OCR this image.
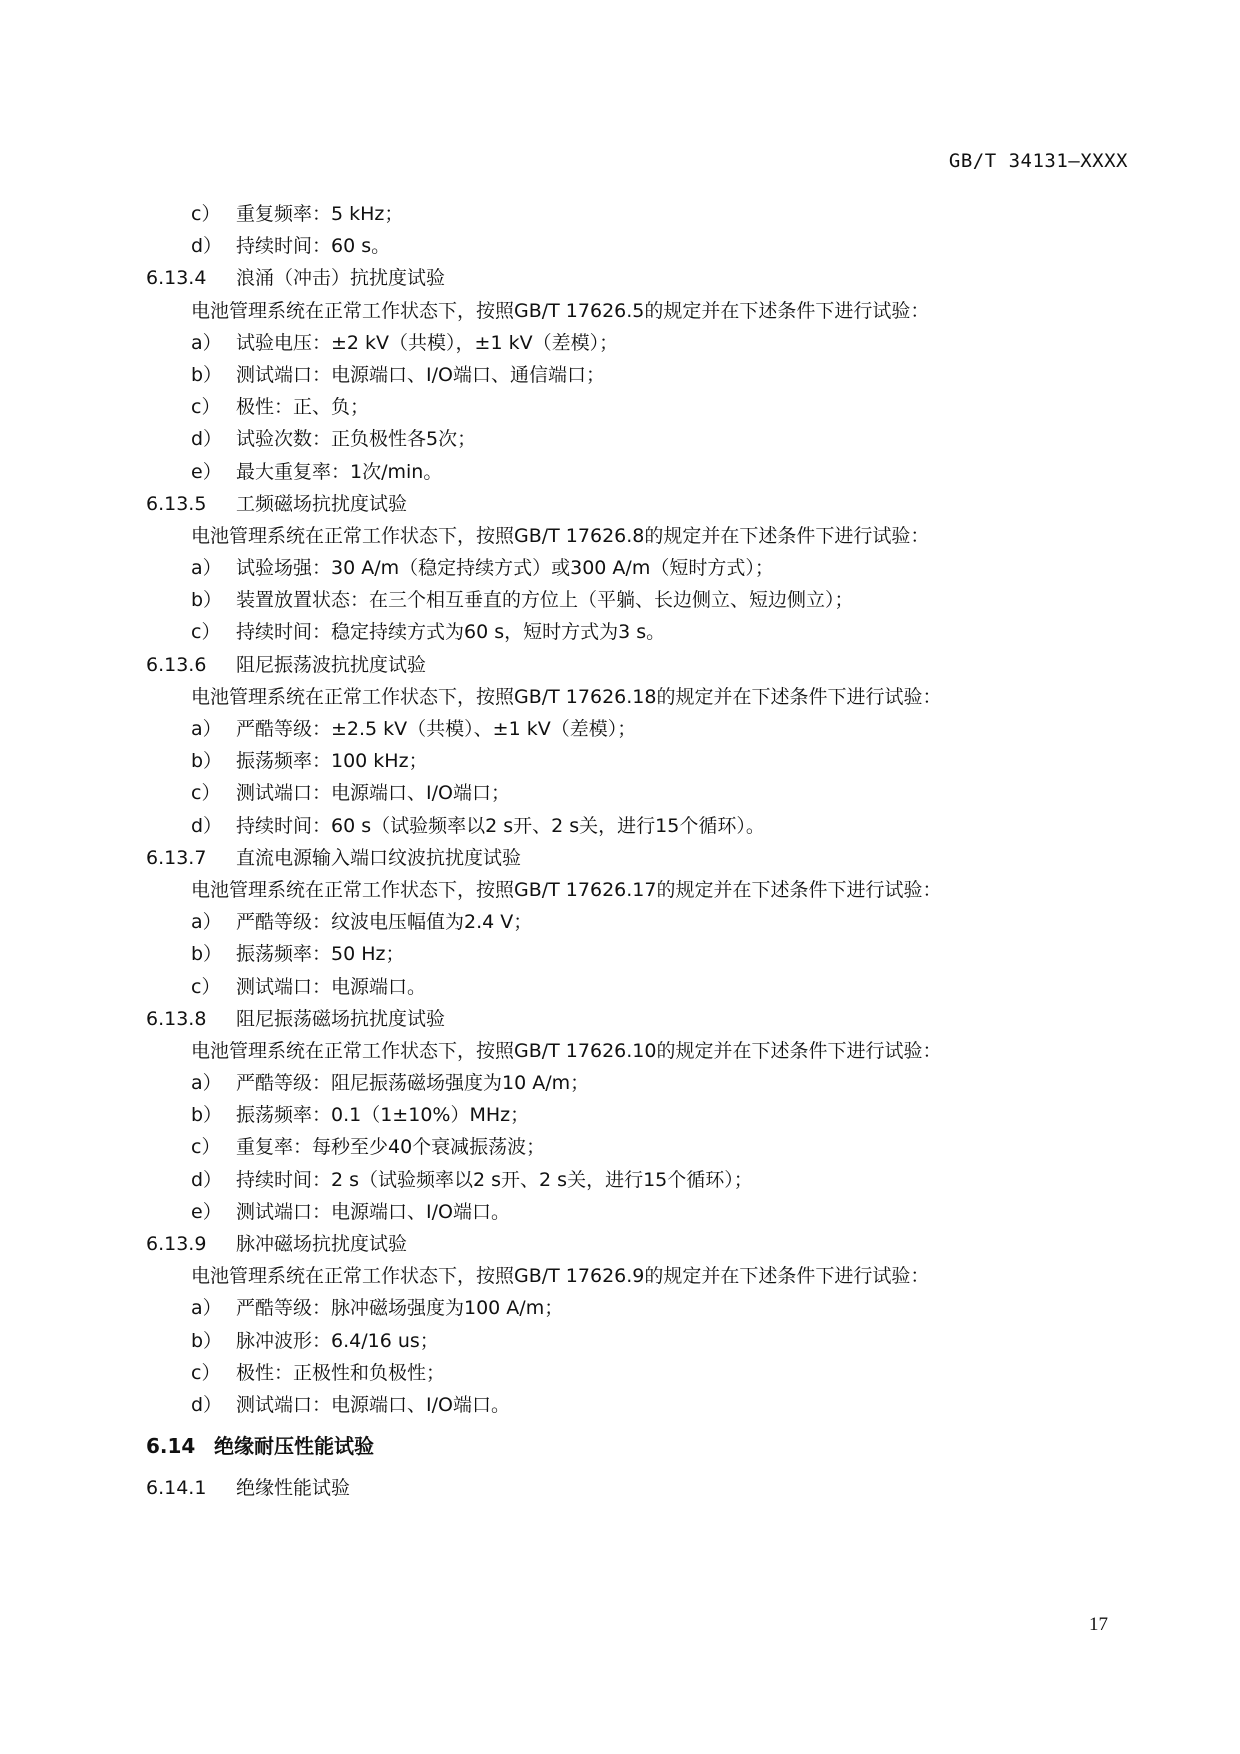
GB/T 34131—XXXX

c） 重复频率：5 kHz；
d） 持续时间：60 s。
6.13.4 浪涌（冲击）抗扰度试验
电池管理系统在正常工作状态下，按照GB/T 17626.5的规定并在下述条件下进行试验：
a） 试验电压：±2 kV（共模），±1 kV（差模）；
b） 测试端口：电源端口、I/O端口、通信端口；
c） 极性：正、负；
d） 试验次数：正负极性各5次；
e） 最大重复率：1次/min。
6.13.5 工频磁场抗扰度试验
电池管理系统在正常工作状态下，按照GB/T 17626.8的规定并在下述条件下进行试验：
a） 试验场强：30 A/m（稳定持续方式）或300 A/m（短时方式）；
b） 装置放置状态：在三个相互垂直的方位上（平躺、长边侧立、短边侧立）；
c） 持续时间：稳定持续方式为60 s，短时方式为3 s。
6.13.6 阻尼振荡波抗扰度试验
电池管理系统在正常工作状态下，按照GB/T 17626.18的规定并在下述条件下进行试验：
a） 严酷等级：±2.5 kV（共模）、±1 kV（差模）；
b） 振荡频率：100 kHz；
c） 测试端口：电源端口、I/O端口；
d） 持续时间：60 s（试验频率以2 s开、2 s关，进行15个循环）。
6.13.7 直流电源输入端口纹波抗扰度试验
电池管理系统在正常工作状态下，按照GB/T 17626.17的规定并在下述条件下进行试验：
a） 严酷等级：纹波电压幅值为2.4 V；
b） 振荡频率：50 Hz；
c） 测试端口：电源端口。
6.13.8 阻尼振荡磁场抗扰度试验
电池管理系统在正常工作状态下，按照GB/T 17626.10的规定并在下述条件下进行试验：
a） 严酷等级：阻尼振荡磁场强度为10 A/m；
b） 振荡频率：0.1（1±10%）MHz；
c） 重复率：每秒至少40个衰减振荡波；
d） 持续时间：2 s（试验频率以2 s开、2 s关，进行15个循环）；
e） 测试端口：电源端口、I/O端口。
6.13.9 脉冲磁场抗扰度试验
电池管理系统在正常工作状态下，按照GB/T 17626.9的规定并在下述条件下进行试验：
a） 严酷等级：脉冲磁场强度为100 A/m；
b） 脉冲波形：6.4/16 us；
c） 极性：正极性和负极性；
d） 测试端口：电源端口、I/O端口。
6.14 绝缘耐压性能试验
6.14.1 绝缘性能试验
17
